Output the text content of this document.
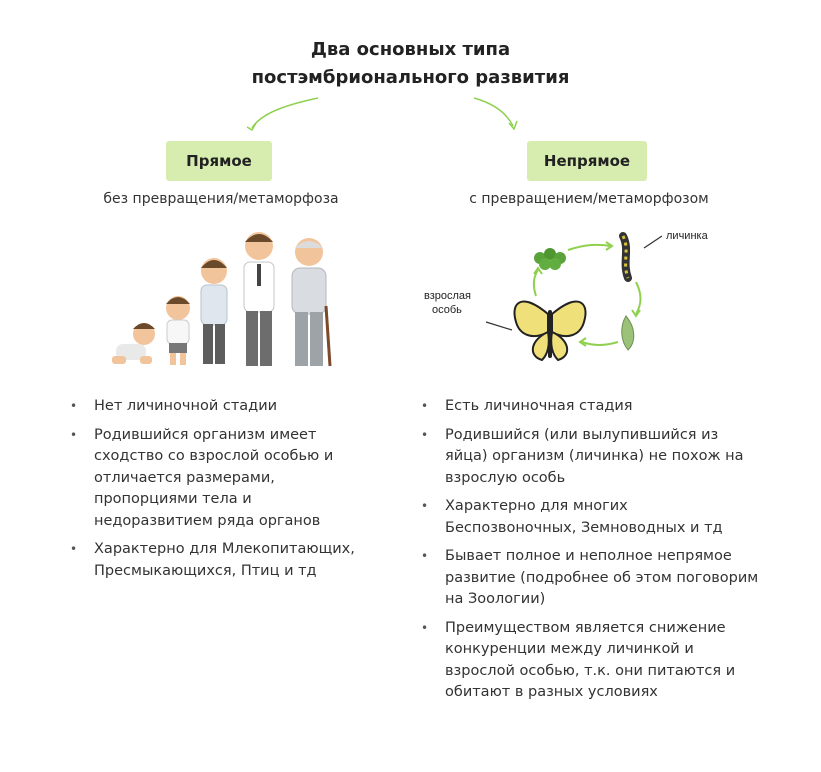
Два основных типа
постэмбрионального развития
Прямое	Непрямое
без превращения/метаморфоза	с превращением/метаморфозом
личинка
взрослая
особь
• Нет личиночной стадии
• Родившийся организм имеет сходство со взрослой особью и отличается размерами, пропорциями тела и недоразвитием ряда органов
• Характерно для Млекопитающих, Пресмыкающихся, Птиц и тд
• Есть личиночная стадия
• Родившийся (или вылупившийся из яйца) организм (личинка) не похож на взрослую особь
• Характерно для многих Беспозвоночных, Земноводных и тд
• Бывает полное и неполное непрямое развитие (подробнее об этом поговорим на Зоологии)
• Преимуществом является снижение конкуренции между личинкой и взрослой особью, т.к. они питаются и обитают в разных условиях
